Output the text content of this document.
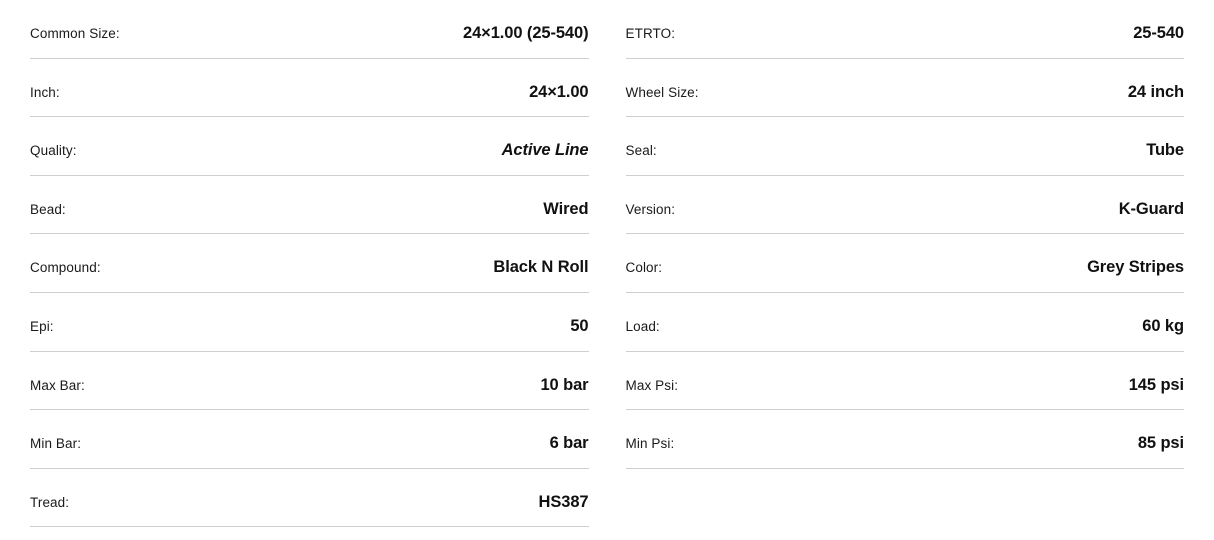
Common Size:	24×1.00 (25-540)
Inch:	24×1.00
Quality:	Active Line
Bead:	Wired
Compound:	Black N Roll
Epi:	50
Max Bar:	10 bar
Min Bar:	6 bar
Tread:	HS387
ETRTO:	25-540
Wheel Size:	24 inch
Seal:	Tube
Version:	K-Guard
Color:	Grey Stripes
Load:	60 kg
Max Psi:	145 psi
Min Psi:	85 psi
